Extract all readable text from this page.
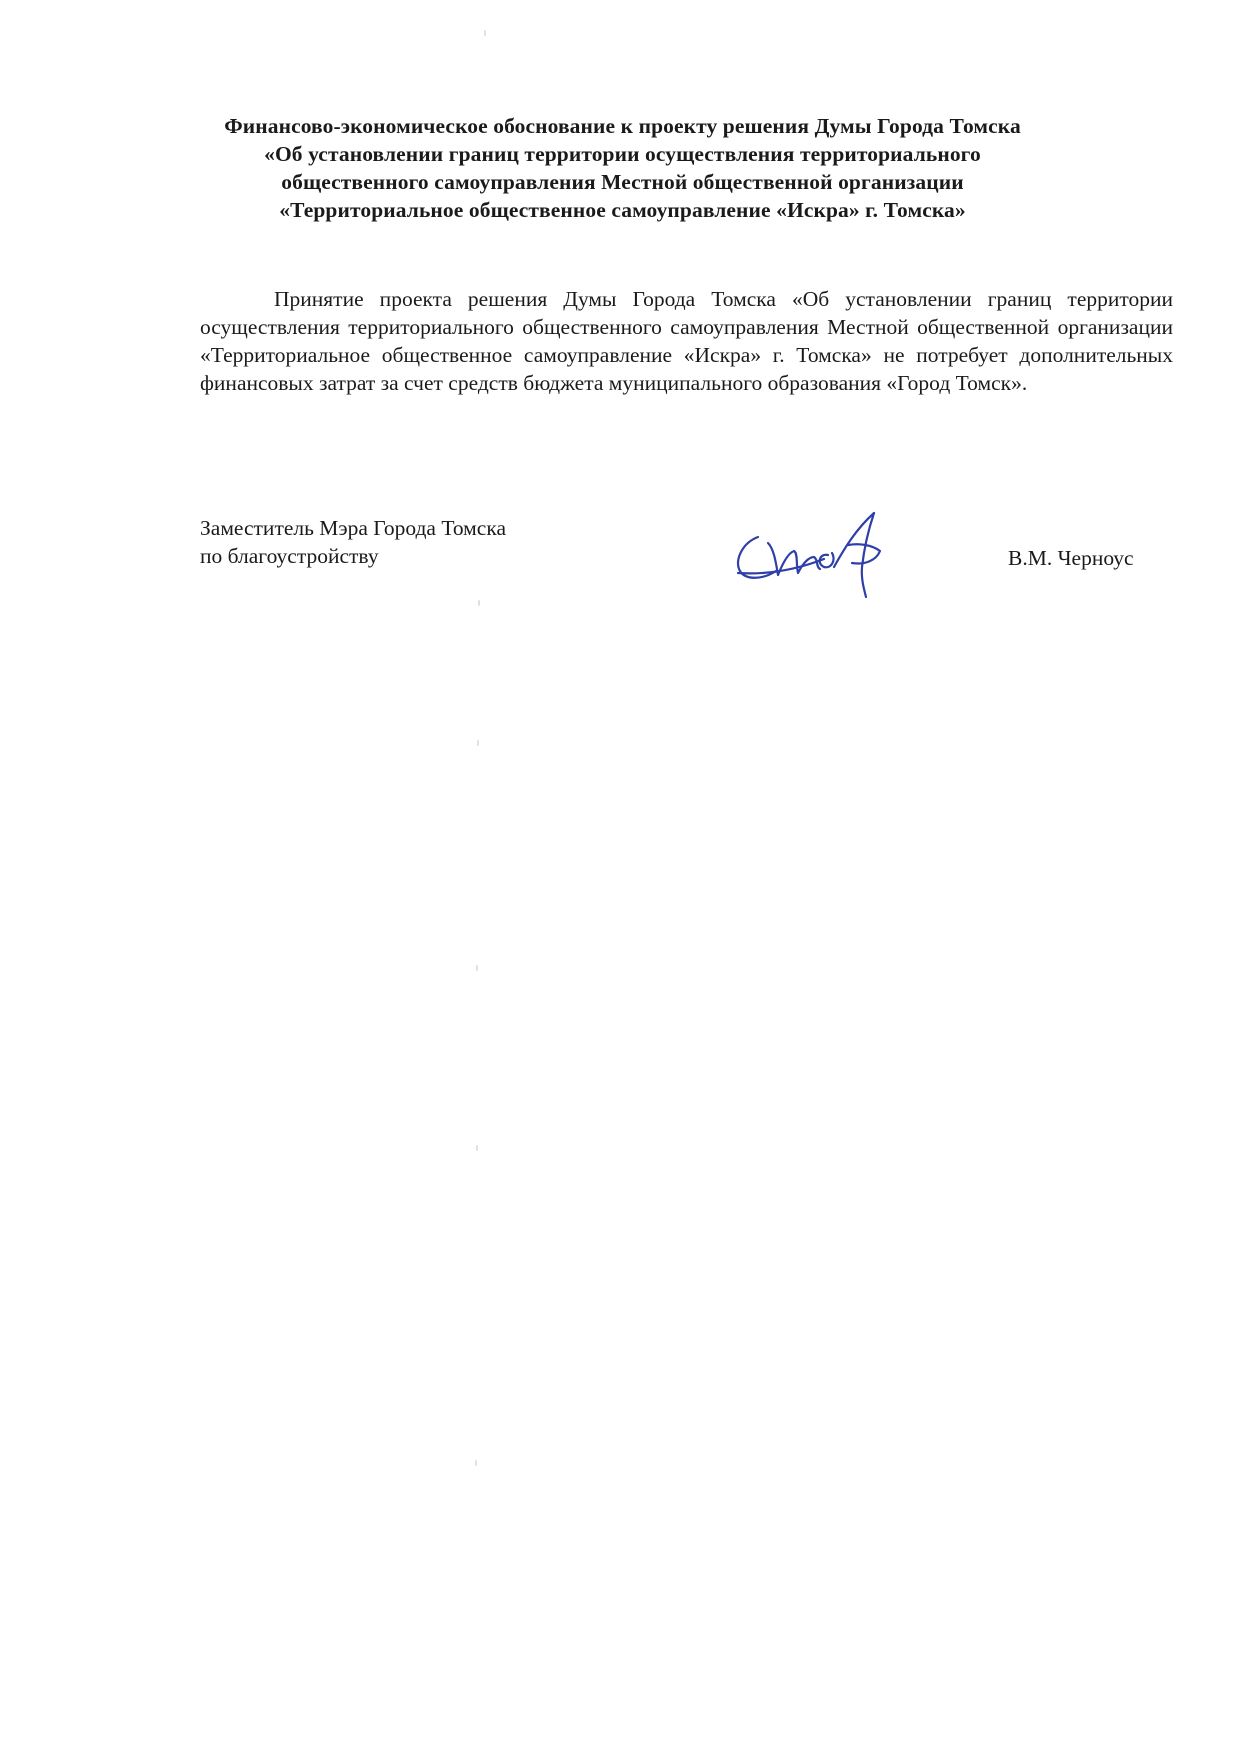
Финансово-экономическое обоснование к проекту решения Думы Города Томска
«Об установлении границ территории осуществления территориального
общественного самоуправления Местной общественной организации
«Территориальное общественное самоуправление «Искра» г. Томска»

Принятие проекта решения Думы Города Томска «Об установлении границ территории осуществления территориального общественного самоуправления Местной общественной организации «Территориальное общественное самоуправление «Искра» г. Томска» не потребует дополнительных финансовых затрат за счет средств бюджета муниципального образования «Город Томск».

Заместитель Мэра Города Томска
по благоустройству	В.М. Черноус
